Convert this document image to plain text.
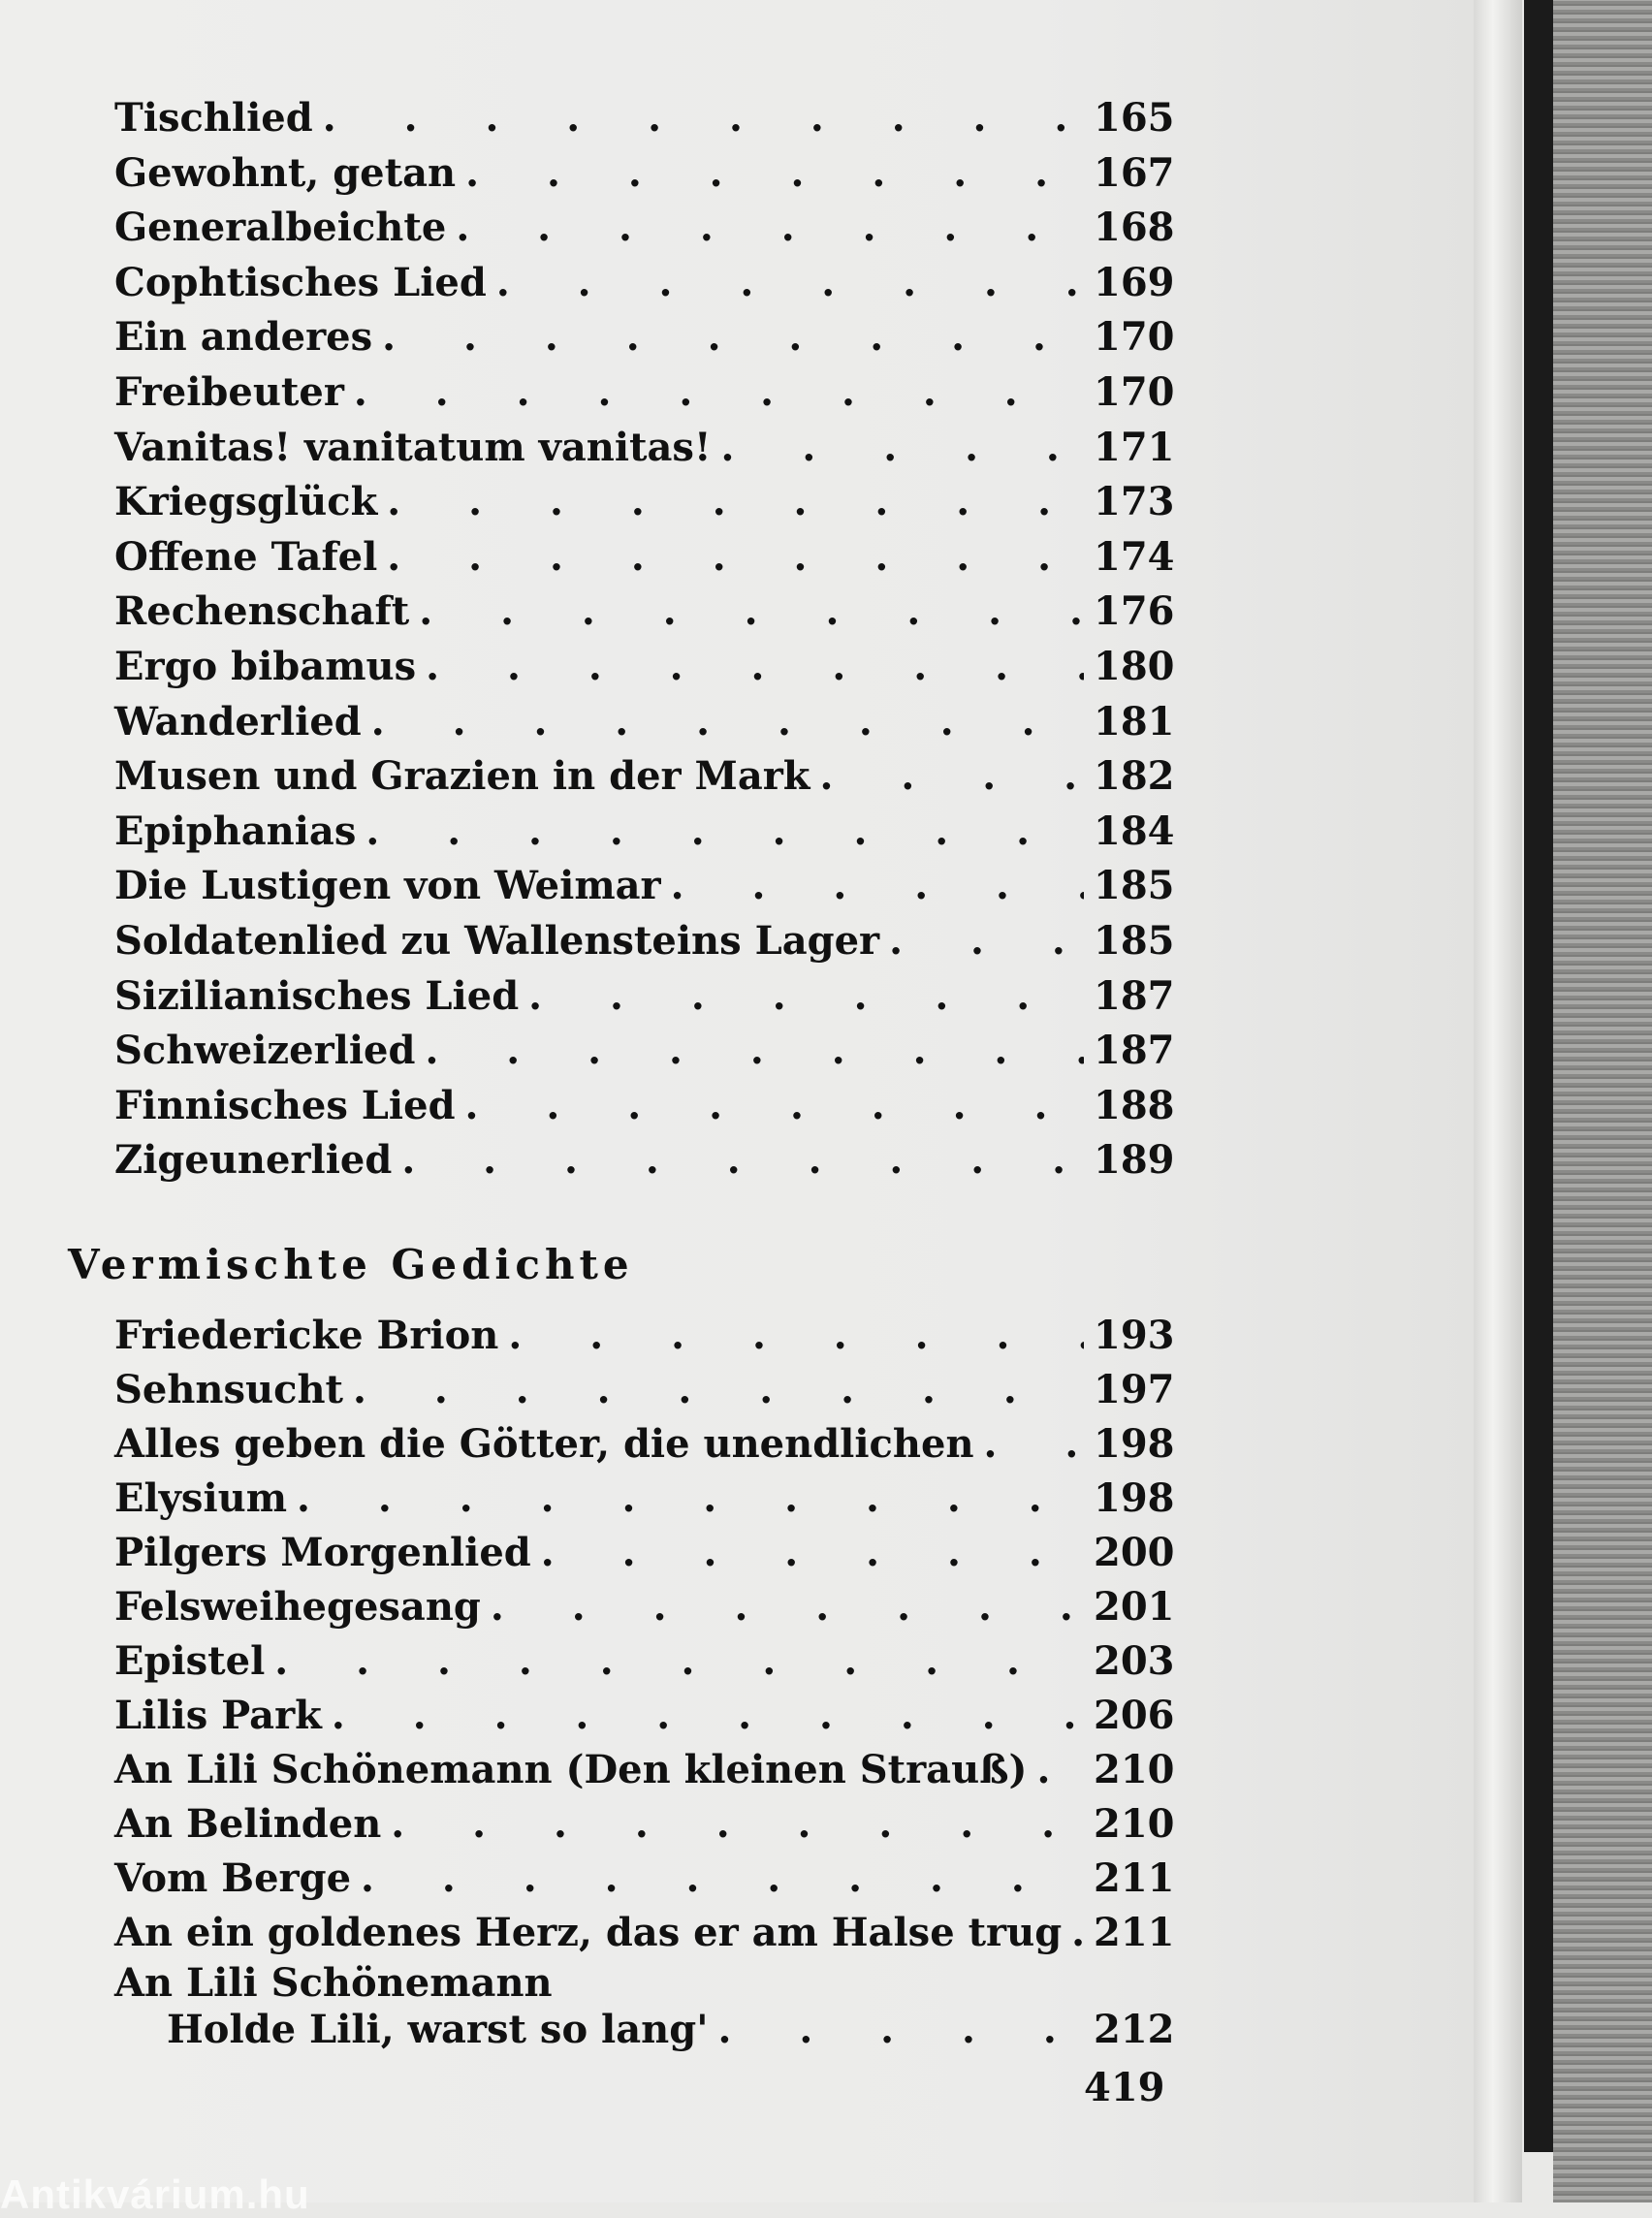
Tischlied . . .	165
Gewohnt, getan . . .	167
Generalbeichte . . .	168
Cophtisches Lied . . .	169
Ein anderes . . .	170
Freibeuter . . .	170
Vanitas! vanitatum vanitas! . . .	171
Kriegsglück . . .	173
Offene Tafel . . .	174
Rechenschaft . . .	176
Ergo bibamus . . .	180
Wanderlied . . .	181
Musen und Grazien in der Mark . . .	182
Epiphanias . . .	184
Die Lustigen von Weimar . . .	185
Soldatenlied zu Wallensteins Lager . . .	185
Sizilianisches Lied . . .	187
Schweizerlied . . .	187
Finnisches Lied . . .	188
Zigeunerlied . . .	189
Vermischte Gedichte
Friedericke Brion . . .	193
Sehnsucht . . .	197
Alles geben die Götter, die unendlichen . . .	198
Elysium . . .	198
Pilgers Morgenlied . . .	200
Felsweihegesang . . .	201
Epistel . . .	203
Lilis Park . . .	206
An Lili Schönemann (Den kleinen Strauß) . . . 210
An Belinden . . .	210
Vom Berge . . .	211
An ein goldenes Herz, das er am Halse trug . . . 211
An Lili Schönemann
Holde Lili, warst so lang' . . .	212
419
Antikvárium.hu
